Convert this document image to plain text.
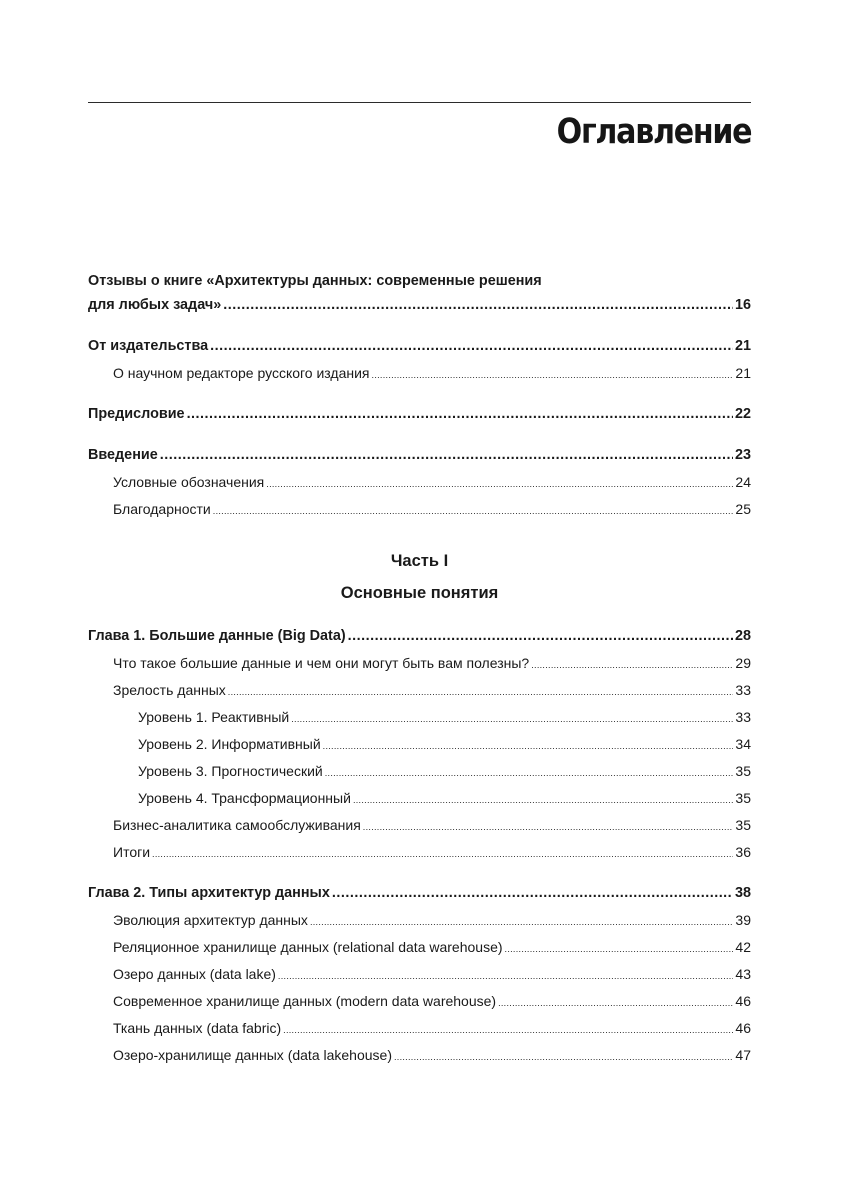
Оглавление
Отзывы о книге «Архитектуры данных: современные решения
для любых задач» .....	16
От издательства .....	21
О научном редакторе русского издания .....	21
Предисловие .....	22
Введение .....	23
Условные обозначения .....	24
Благодарности .....	25
Часть I
Основные понятия
Глава 1. Большие данные (Big Data) .....	28
Что такое большие данные и чем они могут быть вам полезны? .....	29
Зрелость данных .....	33
Уровень 1. Реактивный .....	33
Уровень 2. Информативный .....	34
Уровень 3. Прогностический .....	35
Уровень 4. Трансформационный .....	35
Бизнес-аналитика самообслуживания .....	35
Итоги .....	36
Глава 2. Типы архитектур данных .....	38
Эволюция архитектур данных .....	39
Реляционное хранилище данных (relational data warehouse) .....	42
Озеро данных (data lake) .....	43
Современное хранилище данных (modern data warehouse) .....	46
Ткань данных (data fabric) .....	46
Озеро-хранилище данных (data lakehouse) .....	47
